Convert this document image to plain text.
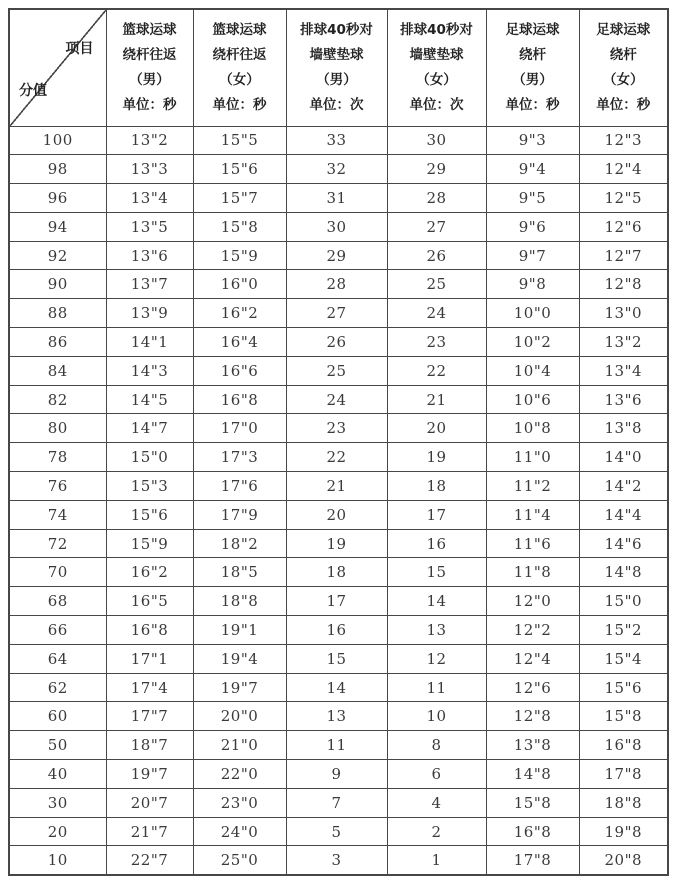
项目
分值

篮球运球
绕杆往返
（男）
单位：秒

篮球运球
绕杆往返
（女）
单位：秒

排球40秒对
墙壁垫球
（男）
单位：次

排球40秒对
墙壁垫球
（女）
单位：次

足球运球
绕杆
（男）
单位：秒

足球运球
绕杆
（女）
单位：秒

100	13"2	15"5	33	30	9"3	12"3
98	13"3	15"6	32	29	9"4	12"4
96	13"4	15"7	31	28	9"5	12"5
94	13"5	15"8	30	27	9"6	12"6
92	13"6	15"9	29	26	9"7	12"7
90	13"7	16"0	28	25	9"8	12"8
88	13"9	16"2	27	24	10"0	13"0
86	14"1	16"4	26	23	10"2	13"2
84	14"3	16"6	25	22	10"4	13"4
82	14"5	16"8	24	21	10"6	13"6
80	14"7	17"0	23	20	10"8	13"8
78	15"0	17"3	22	19	11"0	14"0
76	15"3	17"6	21	18	11"2	14"2
74	15"6	17"9	20	17	11"4	14"4
72	15"9	18"2	19	16	11"6	14"6
70	16"2	18"5	18	15	11"8	14"8
68	16"5	18"8	17	14	12"0	15"0
66	16"8	19"1	16	13	12"2	15"2
64	17"1	19"4	15	12	12"4	15"4
62	17"4	19"7	14	11	12"6	15"6
60	17"7	20"0	13	10	12"8	15"8
50	18"7	21"0	11	8	13"8	16"8
40	19"7	22"0	9	6	14"8	17"8
30	20"7	23"0	7	4	15"8	18"8
20	21"7	24"0	5	2	16"8	19"8
10	22"7	25"0	3	1	17"8	20"8
